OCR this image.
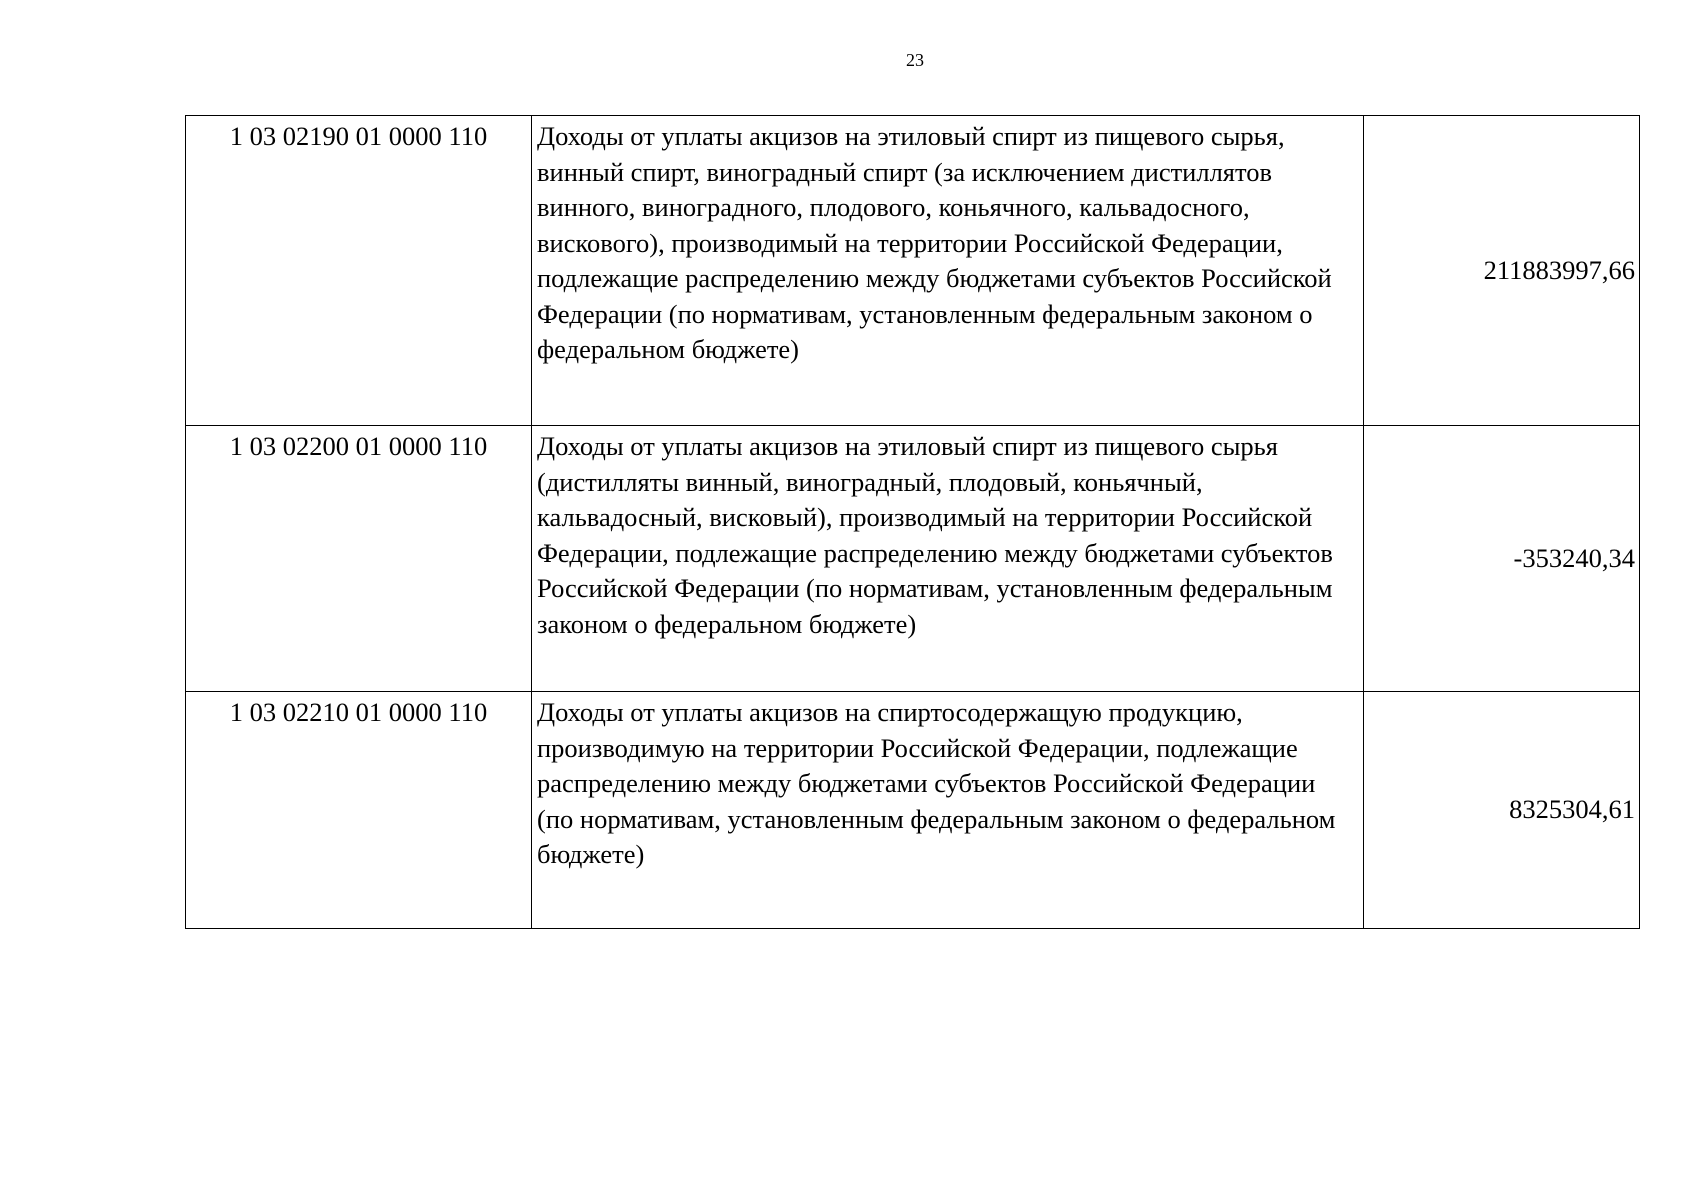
23
1 03 02190 01 0000 110	Доходы от уплаты акцизов на этиловый спирт из пищевого сырья, винный спирт, виноградный спирт (за исключением дистиллятов винного, виноградного, плодового, коньячного, кальвадосного, вискового), производимый на территории Российской Федерации, подлежащие распределению между бюджетами субъектов Российской Федерации (по нормативам, установленным федеральным законом о федеральном бюджете)	211883997,66
1 03 02200 01 0000 110	Доходы от уплаты акцизов на этиловый спирт из пищевого сырья (дистилляты винный, виноградный, плодовый, коньячный, кальвадосный, висковый), производимый на территории Российской Федерации, подлежащие распределению между бюджетами субъектов Российской Федерации (по нормативам, установленным федеральным законом о федеральном бюджете)	-353240,34
1 03 02210 01 0000 110	Доходы от уплаты акцизов на спиртосодержащую продукцию, производимую на территории Российской Федерации, подлежащие распределению между бюджетами субъектов Российской Федерации (по нормативам, установленным федеральным законом о федеральном бюджете)	8325304,61
